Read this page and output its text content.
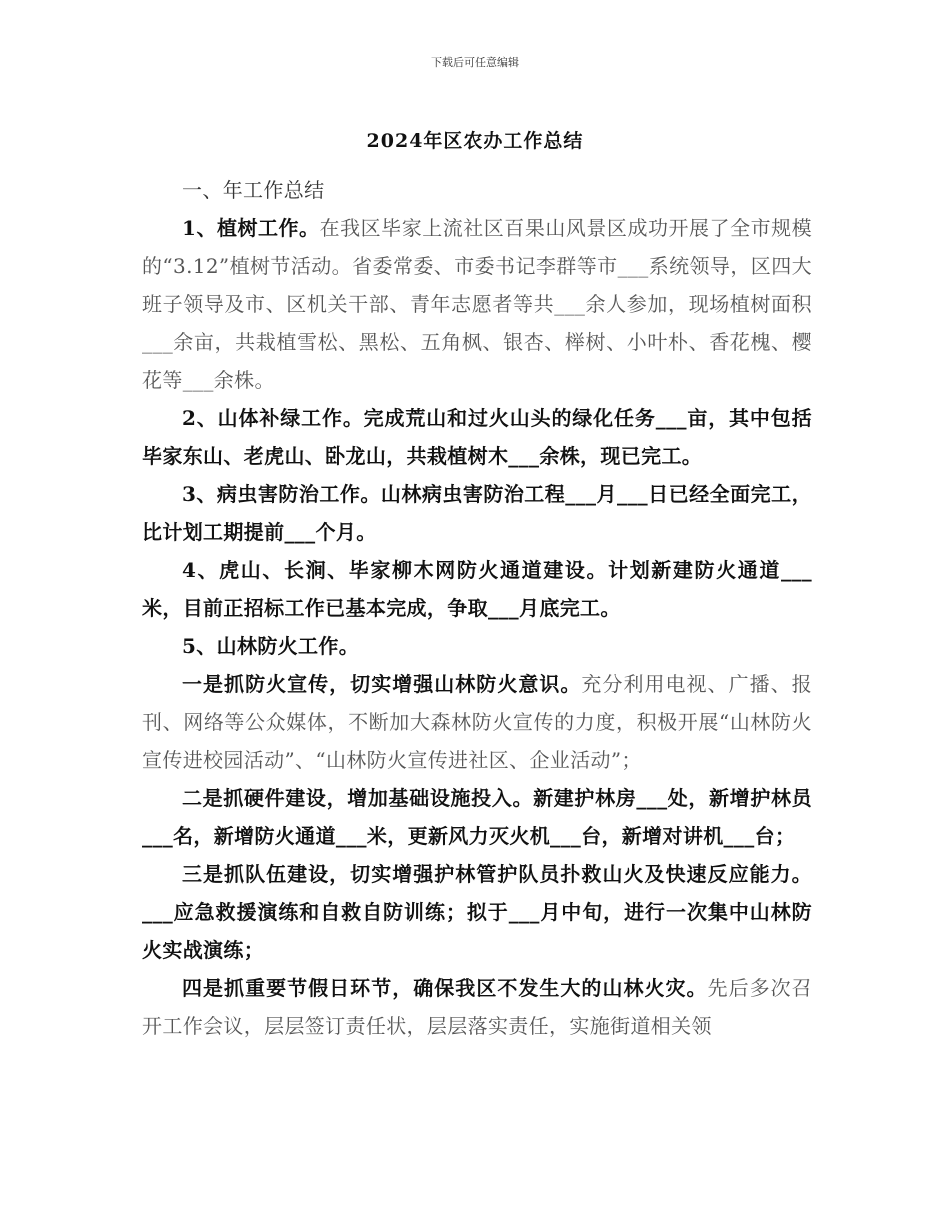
下载后可任意编辑
2024年区农办工作总结

一、年工作总结

1、植树工作。在我区毕家上流社区百果山风景区成功开展了全市规模的“3.12”植树节活动。省委常委、市委书记李群等市___系统领导，区四大班子领导及市、区机关干部、青年志愿者等共___余人参加，现场植树面积___余亩，共栽植雪松、黑松、五角枫、银杏、榉树、小叶朴、香花槐、樱花等___余株。

2、山体补绿工作。完成荒山和过火山头的绿化任务___亩，其中包括毕家东山、老虎山、卧龙山，共栽植树木___余株，现已完工。

3、病虫害防治工作。山林病虫害防治工程___月___日已经全面完工，比计划工期提前___个月。

4、虎山、长涧、毕家柳木网防火通道建设。计划新建防火通道___米，目前正招标工作已基本完成，争取___月底完工。

5、山林防火工作。

一是抓防火宣传，切实增强山林防火意识。充分利用电视、广播、报刊、网络等公众媒体，不断加大森林防火宣传的力度，积极开展“山林防火宣传进校园活动”、“山林防火宣传进社区、企业活动”；

二是抓硬件建设，增加基础设施投入。新建护林房___处，新增护林员___名，新增防火通道___米，更新风力灭火机___台，新增对讲机___台；

三是抓队伍建设，切实增强护林管护队员扑救山火及快速反应能力。___应急救援演练和自救自防训练；拟于___月中旬，进行一次集中山林防火实战演练；

四是抓重要节假日环节，确保我区不发生大的山林火灾。先后多次召开工作会议，层层签订责任状，层层落实责任，实施街道相关领
